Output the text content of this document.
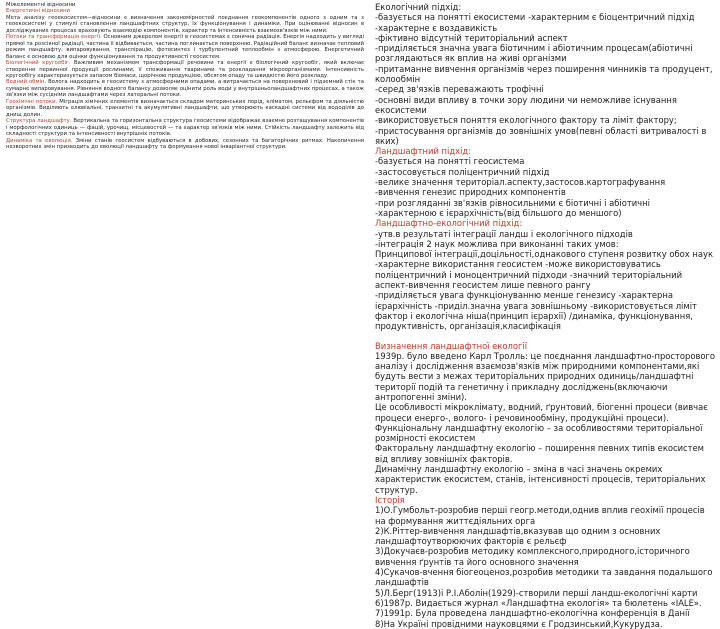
Міжелементні відносини
Енергетичні відносини
Мета аналізу геоекосистем—відносини є визначення закономірностей поєднання геокомпонентів одного з одним та з геоекосистемі у стимулі становлення ландшафтних структур, їх функціонування і динаміки. При оцінюванні відносин в досліджуваних процесах враховують взаємодію компонентів, характер та інтенсивність взаємозв'язків між ними.
Потоки та трансформація енергії. Основним джерелом енергії в геосистемах є сонячна радіація. Енергія надходить у вигляді прямої та розсіяної радіації, частина її відбивається, частина поглинається поверхнею. Радіаційний баланс визначає тепловий режим ландшафту, випаровування, транспірацію, фотосинтез і турбулентний теплообмін з атмосферою. Енергетичний баланс є основою для оцінки функціонування та продуктивності геосистем.
Біологічний кругообіг. Важливим механізмом трансформації речовини та енергії є біологічний кругообіг, який включає створення первинної продукції рослинами, її споживання тваринами та розкладання мікроорганізмами. Інтенсивність кругообігу характеризується запасом біомаси, щорічною продукцією, обсягом опаду та швидкістю його розкладу.
Водний обмін. Волога надходить в геосистему з атмосферними опадами, а витрачається на поверхневий і підземний стік та сумарне випаровування. Рівняння водного балансу дозволяє оцінити роль води у внутрішньоландшафтних процесах, а також зв'язки між сусідніми ландшафтами через латеральні потоки.
Геохімічні потоки. Міграція хімічних елементів визначається складом материнських порід, кліматом, рельєфом та діяльністю організмів. Виділяють елювіальні, транзитні та акумулятивні ландшафти, що утворюють каскадні системи від вододілів до днищ долин.
Структура ландшафту. Вертикальна та горизонтальна структура геосистеми відображає взаємне розташування компонентів і морфологічних одиниць — фацій, урочищ, місцевостей — та характер зв'язків між ними. Стійкість ландшафту залежить від складності структури та інтенсивності внутрішніх потоків.
Динаміка та еволюція. Зміни станів геосистем відбуваються в добових, сезонних та багаторічних ритмах. Накопичення незворотних змін призводить до еволюції ландшафту та формування нової інваріантної структури.
Екологічний підхід:
-базується на понятті екосистеми -характерним є біоцентричний підхід -характерне є воздавикість
-фіктивно відсутній територіальний аспект
-приділяється значна увага біотичним і абіотичним процесам(абіотичні розглядаються як вплив на живі організми
-притаманне вивчення організмів через поширення чинників та продуцент, колообмін
-серед зв'язків переважають трофічні
-основні види впливу в точки зору людини чи неможливе існування екосистеми
-використовується поняття екологічного фактору та ліміт фактору;
-пристосування організмів до зовнішніх умов(певні області витривалості в яких)
Ландшафтний підхід:
-базується на понятті геосистема
-застосовується поліцентричний підхід
-велике значення територіал.аспекту,застосов.картографування
-вивчення генезис природних компонентів
-при розгляданні зв'язків рівносильними є біотичні і абіотичні
-характерною є ієрархічність(від більшого до меншого)
Ландшафтно-екологічний підхід:
-утв.в результаті інтеграції ландш і екологічного підходів
-інтеграція 2 наук можлива при виконанні таких умов:
Принципової інтеграції,доцільності,однакового ступеня розвитку обох наук
-характерне використання геосистем -може використовуватись поліцентричний і моноцентричний підходи -значний територіальний аспект-вивчення геосистем лише певного рангу
-приділяється увага функціонуванню менше генезису -характерна ієрархічність -приділ.значна увага зовнішньому -використовується ліміт фактор і екологічна ніша(принцип ієрархії) /динаміка, функціонування, продуктивність, організація,класифікація
Визначення ландшафтної екології
1939р. було введено Карл Тролль: це поєднання ландшафтно-просторового аналізу і дослідження взаємозв'язків між природними компонентами,які будуть вести з межах територіальних природних одиниць/ландшафтні території подій та генетичну і прикладну досліджень(включаючи антропогенні зміни).
Це особливості мікроклімату, водний, ґрунтовий, біогенні процеси (вивчає процеси енерго-, волого- і речовинообміну, продукційні процеси).
Функціональну ландшафтну екологію – за особливостями територіальної розмірності екосистем
Факторальну ландшафтну екологію – поширення певних типів екосистем від впливу зовнішніх факторів.
Динамічну ландшафтну екологію – зміна в часі значень окремих характеристик екосистем, станів, інтенсивності процесів, територіальних структур.
Історія
1)О.Гумбольт-розробив перші геогр.методи,однив вплив геохімії процесів на формування життєдіяльних орга
2)К.Ріттер-вивчення ландшафтів,вказував що одним з основних ландшафтоутворюючих факторів є рельєф
3)Докучаєв-розробив методику комплексного,природного,історичного вивчення ґрунтів та його основного значення
4)Сукачов-вчення біогеоценоз,розробив методики та завдання подальшого ландшафтів
5)Л.Берг(1913)і Р.І.Аболін(1929)-створили перші ландш-екологічні карти
6)1987р. Видається журнал «Ландшафтна екологія» та бюлетень «IALE». 7)1991р. Була проведена ландшафтно-екологічна конференція в Данії
8)На Україні провідними науковцями є Гродзинський,Кукурудза.
